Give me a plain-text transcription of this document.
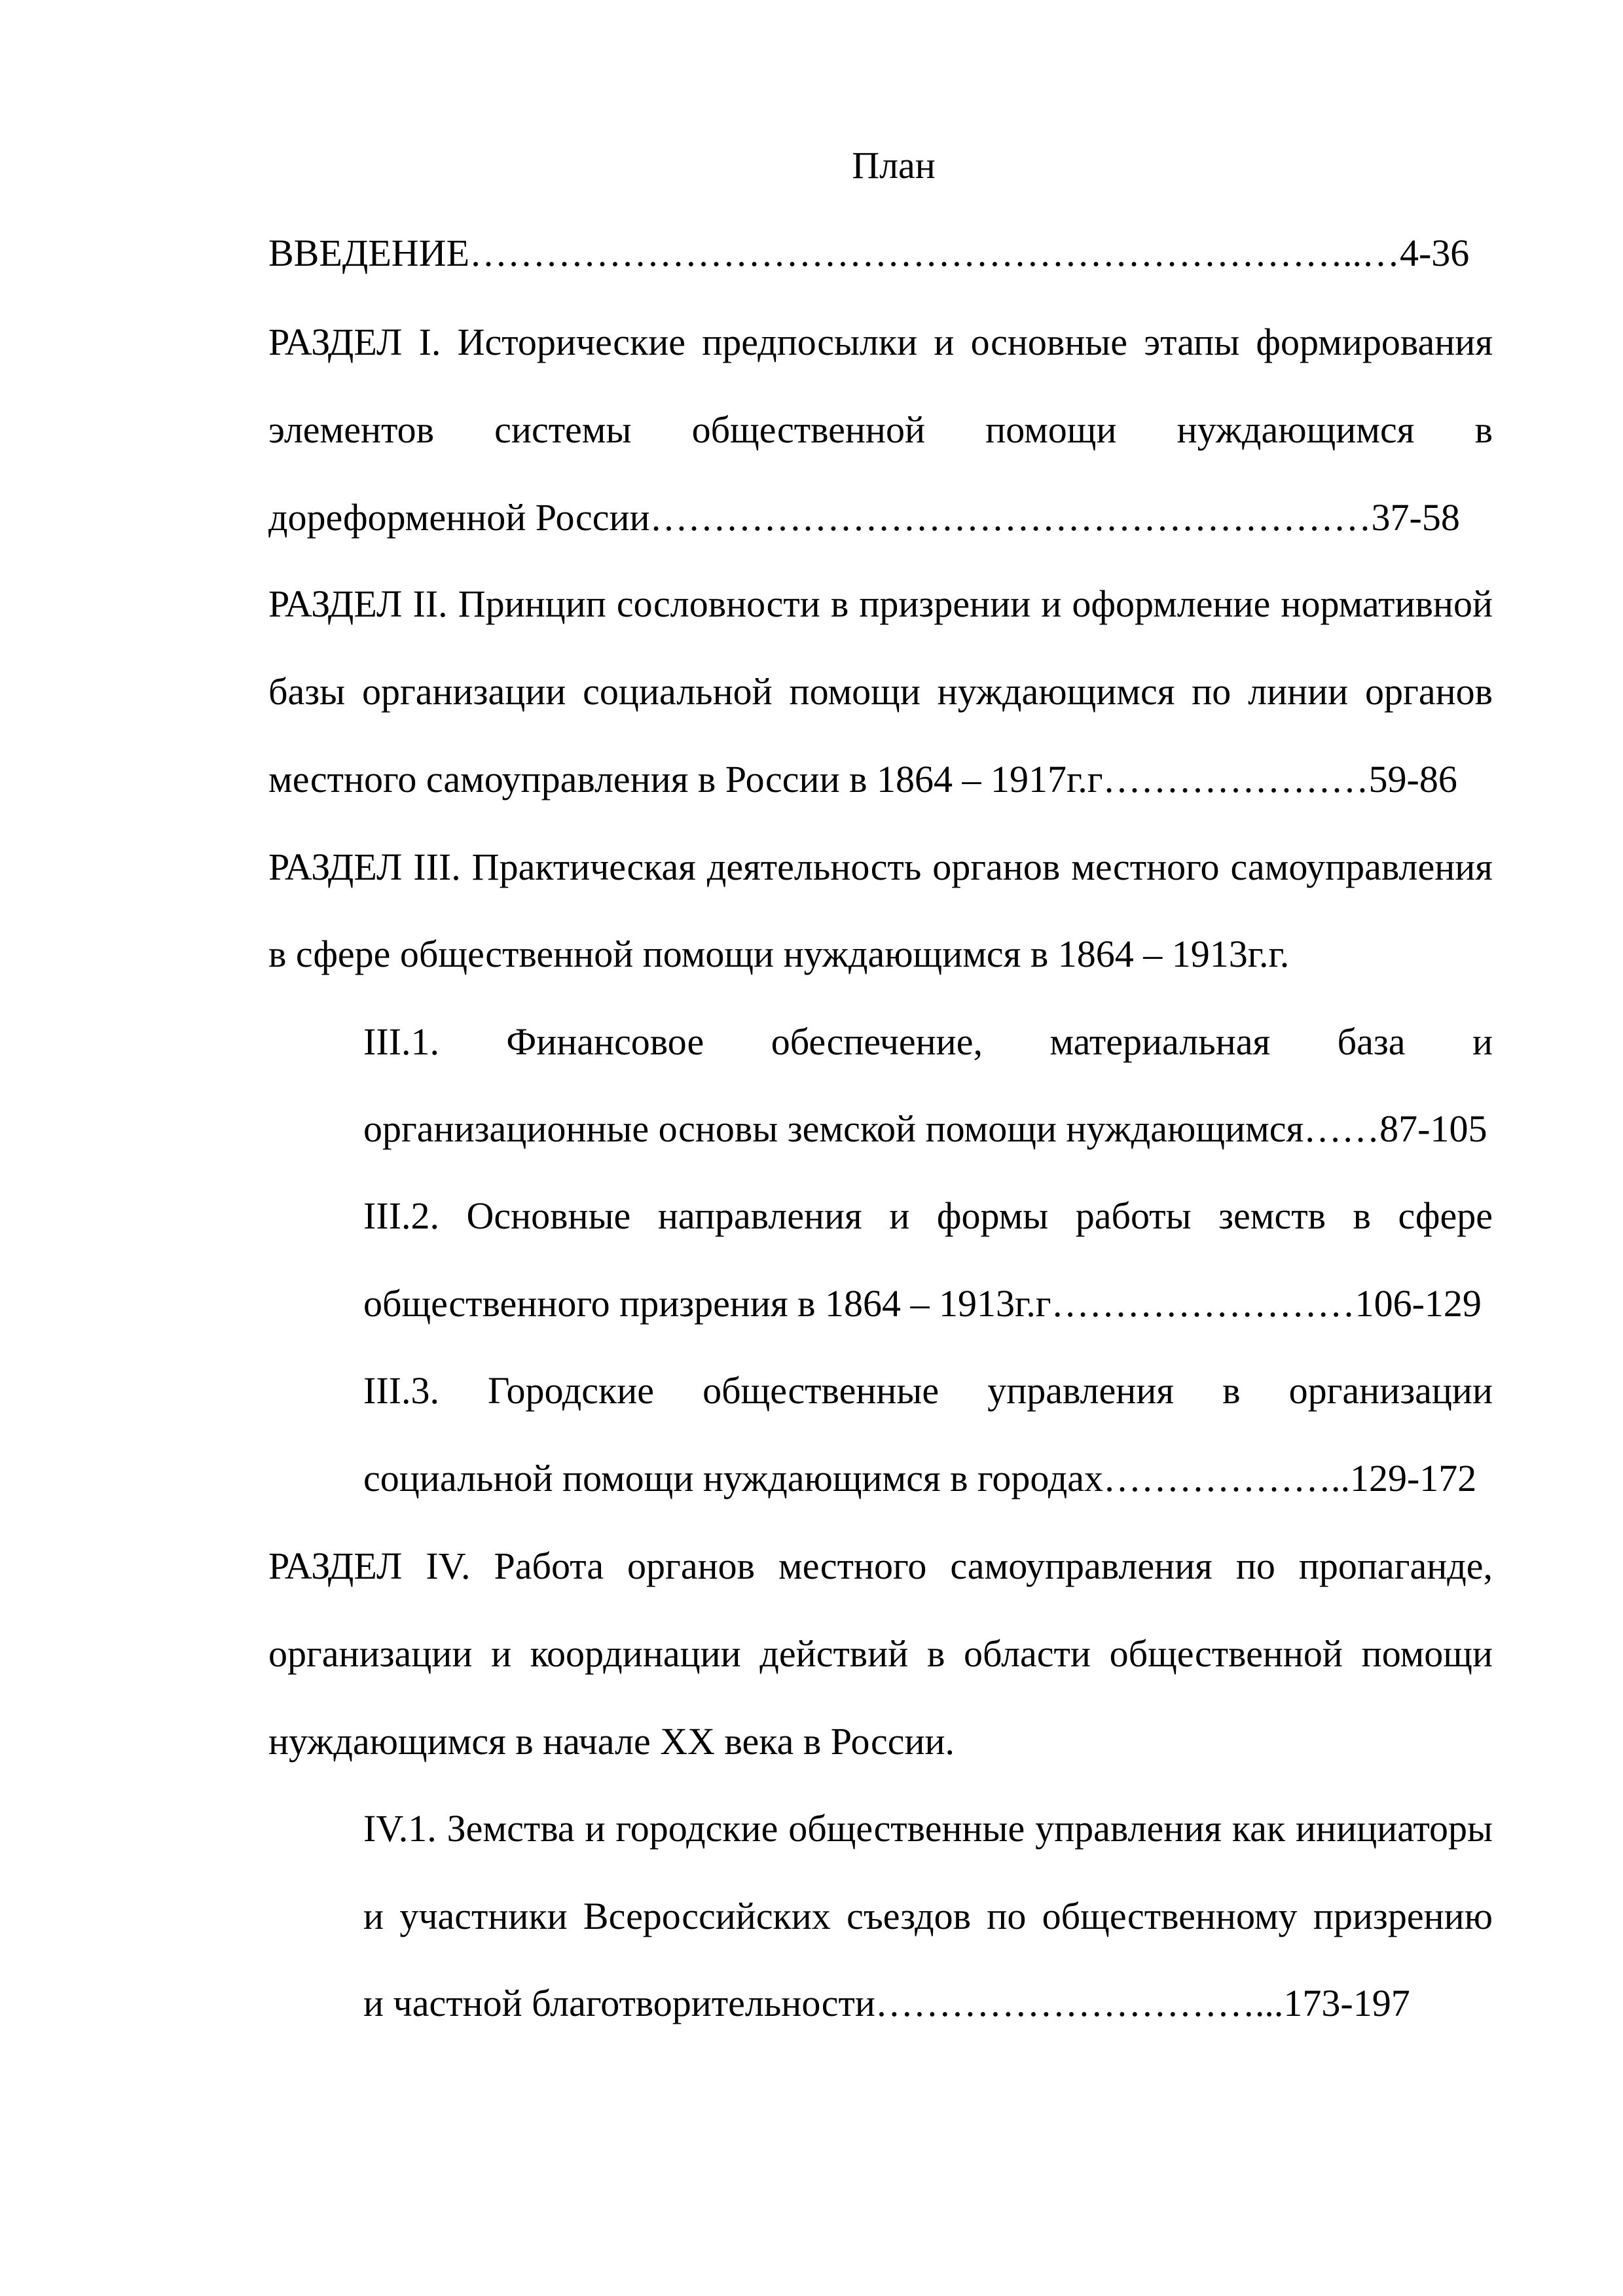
План
ВВЕДЕНИЕ……………………………………………………………..…4-36
РАЗДЕЛ I. Исторические предпосылки и основные этапы формирования
элементов системы общественной помощи нуждающимся в
дореформенной России…………………………………………………37-58
РАЗДЕЛ II. Принцип сословности в призрении и оформление нормативной
базы организации социальной помощи нуждающимся по линии органов
местного самоуправления в России в 1864 – 1917г.г…………………59-86
РАЗДЕЛ III. Практическая деятельность органов местного самоуправления
в сфере общественной помощи нуждающимся в 1864 – 1913г.г.
III.1. Финансовое обеспечение, материальная база и
организационные основы земской помощи нуждающимся……87-105
III.2. Основные направления и формы работы земств в сфере
общественного призрения в 1864 – 1913г.г……………………106-129
III.3. Городские общественные управления в организации
социальной помощи нуждающимся в городах………………..129-172
РАЗДЕЛ IV. Работа органов местного самоуправления по пропаганде,
организации и координации действий в области общественной помощи
нуждающимся в начале XX века в России.
IV.1. Земства и городские общественные управления как инициаторы
и участники Всероссийских съездов по общественному призрению
и частной благотворительности…………………………...173-197
